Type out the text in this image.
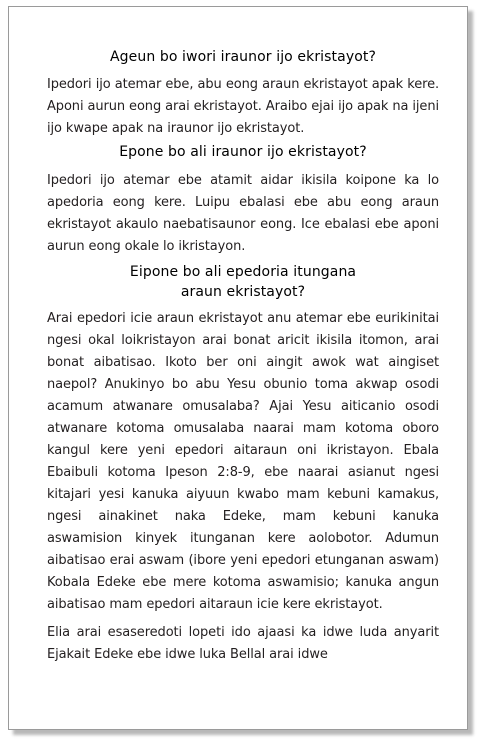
Ageun bo iwori iraunor ijo ekristayot?

Ipedori ijo atemar ebe, abu eong araun ekristayot apak kere. Aponi aurun eong arai ekristayot. Araibo ejai ijo apak na ijeni ijo kwape apak na iraunor ijo ekristayot.

Epone bo ali iraunor ijo ekristayot?

Ipedori ijo atemar ebe atamit aidar ikisila koipone ka lo apedoria eong kere. Luipu ebalasi ebe abu eong araun ekristayot akaulo naebatisaunor eong. Ice ebalasi ebe aponi aurun eong okale lo ikristayon.

Eipone bo ali epedoria itungana
araun ekristayot?

Arai epedori icie araun ekristayot anu atemar ebe eurikinitai ngesi okal loikristayon arai bonat aricit ikisila itomon, arai bonat aibatisao. Ikoto ber oni aingit awok wat aingiset naepol? Anukinyo bo abu Yesu obunio toma akwap osodi acamum atwanare omusalaba? Ajai Yesu aiticanio osodi atwanare kotoma omusalaba naarai mam kotoma oboro kangul kere yeni epedori aitaraun oni ikristayon. Ebala Ebaibuli kotoma Ipeson 2:8-9, ebe naarai asianut ngesi kitajari yesi kanuka aiyuun kwabo mam kebuni kamakus, ngesi ainakinet naka Edeke, mam kebuni kanuka aswamision kinyek itunganan kere aolobotor. Adumun aibatisao erai aswam (ibore yeni epedori etunganan aswam) Kobala Edeke ebe mere kotoma aswamisio; kanuka angun aibatisao mam epedori aitaraun icie kere ekristayot.

Elia arai esaseredoti lopeti ido ajaasi ka idwe luda anyarit Ejakait Edeke ebe idwe luka Bellal arai idwe
